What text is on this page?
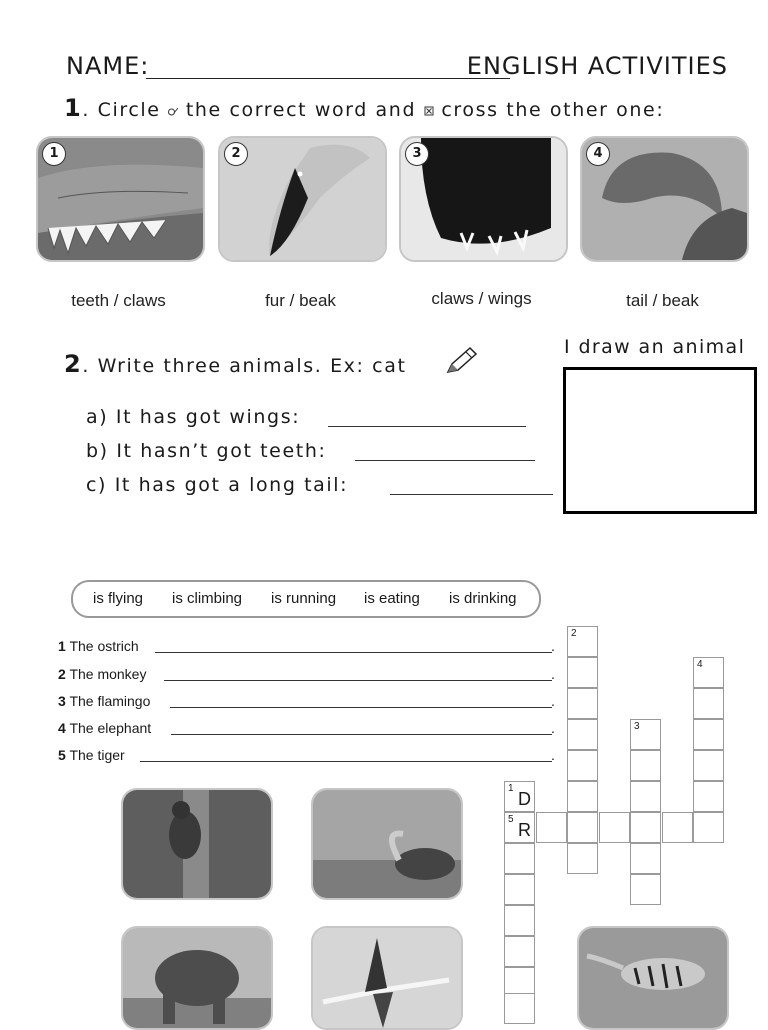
NAME:	ENGLISH ACTIVITIES
1. Circle the correct word and ☒ cross the other one:
1	2	3	4
teeth / claws	fur / beak	claws / wings	tail / beak
2. Write three animals. Ex: cat
I draw an animal
a) It has got wings:
b) It hasn’t got teeth:
c) It has got a long tail:
is flying is climbing is running is eating is drinking
1 The ostrich	.
2 The monkey	.
3 The flamingo	.
4 The elephant	.
5 The tiger	.
2
4
3
1
D
5
R
